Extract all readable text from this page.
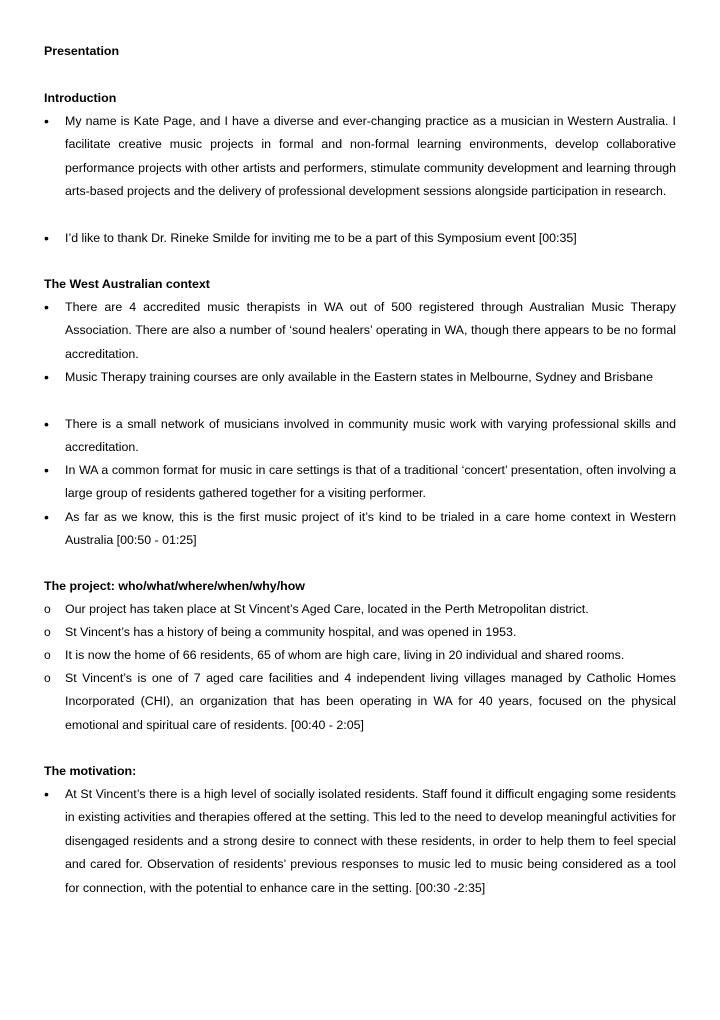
Presentation
Introduction
•	My name is Kate Page, and I have a diverse and ever-changing practice as a musician in Western Australia. I facilitate creative music projects in formal and non-formal learning environments, develop collaborative performance projects with other artists and performers, stimulate community development and learning through arts-based projects and the delivery of professional development sessions alongside participation in research.
•	I’d like to thank Dr. Rineke Smilde for inviting me to be a part of this Symposium event [00:35]
The West Australian context
•	There are 4 accredited music therapists in WA out of 500 registered through Australian Music Therapy Association. There are also a number of ‘sound healers’ operating in WA, though there appears to be no formal accreditation.
•	Music Therapy training courses are only available in the Eastern states in Melbourne, Sydney and Brisbane
•	There is a small network of musicians involved in community music work with varying professional skills and accreditation.
•	In WA a common format for music in care settings is that of a traditional ‘concert’ presentation, often involving a large group of residents gathered together for a visiting performer.
•	As far as we know, this is the first music project of it’s kind to be trialed in a care home context in Western Australia [00:50 - 01:25]
The project: who/what/where/when/why/how
o	Our project has taken place at St Vincent’s Aged Care, located in the Perth Metropolitan district.
o	St Vincent’s has a history of being a community hospital, and was opened in 1953.
o	It is now the home of 66 residents, 65 of whom are high care, living in 20 individual and shared rooms.
o	St Vincent’s is one of 7 aged care facilities and 4 independent living villages managed by Catholic Homes Incorporated (CHI), an organization that has been operating in WA for 40 years, focused on the physical emotional and spiritual care of residents. [00:40 - 2:05]
The motivation:
•	At St Vincent’s there is a high level of socially isolated residents. Staff found it difficult engaging some residents in existing activities and therapies offered at the setting. This led to the need to develop meaningful activities for disengaged residents and a strong desire to connect with these residents, in order to help them to feel special and cared for. Observation of residents’ previous responses to music led to music being considered as a tool for connection, with the potential to enhance care in the setting. [00:30 -2:35]
